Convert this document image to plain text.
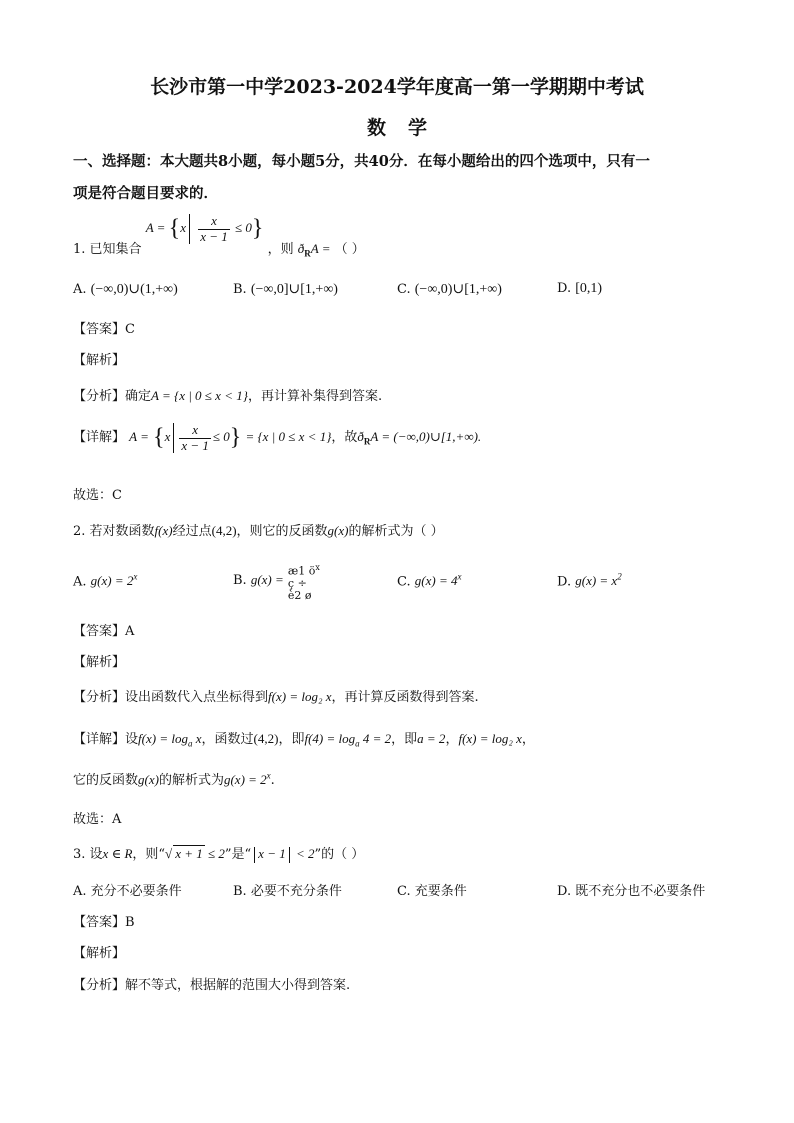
长沙市第一中学2023-2024学年度高一第一学期期中考试
数学
一、选择题：本大题共8小题，每小题5分，共40分．在每小题给出的四个选项中，只有一
项是符合题目要求的．
1. 已知集合 $A = \{x \frac{x}{x - 1} \le 0\}$ ，则 $ð_RA$ = （ ）
A. (−∞,0)∪(1,+∞)	B. (−∞,0]∪[1,+∞)	C. (−∞,0)∪[1,+∞)	D. [0,1)
【答案】C
【解析】
【分析】确定A = {x | 0 ≤ x < 1}，再计算补集得到答案.
【详解】 $A = \{x \frac{x}{x - 1} \le 0\} = \{x$ | 0 ≤ x < 1}，故$ð_RA$ = (−∞,0)∪[1,+∞).
故选：C
2. 若对数函数f(x)经过点(4,2)，则它的反函数g(x)的解析式为（ ）
A. $g(x) = 2^x$	B. g(x) =
æ1 $ö^x$
ç ÷
è2 ø
C. $g(x) = 4^x$	D. $g(x) = x^2$
【答案】A
【解析】
【分析】设出函数代入点坐标得到f(x) = log₂ x，再计算反函数得到答案.
【详解】设$f(x) = \log_a x$，函数过(4,2)，即$f(4) = \log_a 4 = 2$，即a = 2，f(x) = log₂ x，
它的反函数g(x)的解析式为$g(x) = 2^x$.
故选：A
3. 设x ∈ R，则“√ x + 1 ≤ 2”是“ x − 1 < 2”的（ ）
A. 充分不必要条件	B. 必要不充分条件	C. 充要条件	D. 既不充分也不必要条件
【答案】B
【解析】
【分析】解不等式，根据解的范围大小得到答案.
